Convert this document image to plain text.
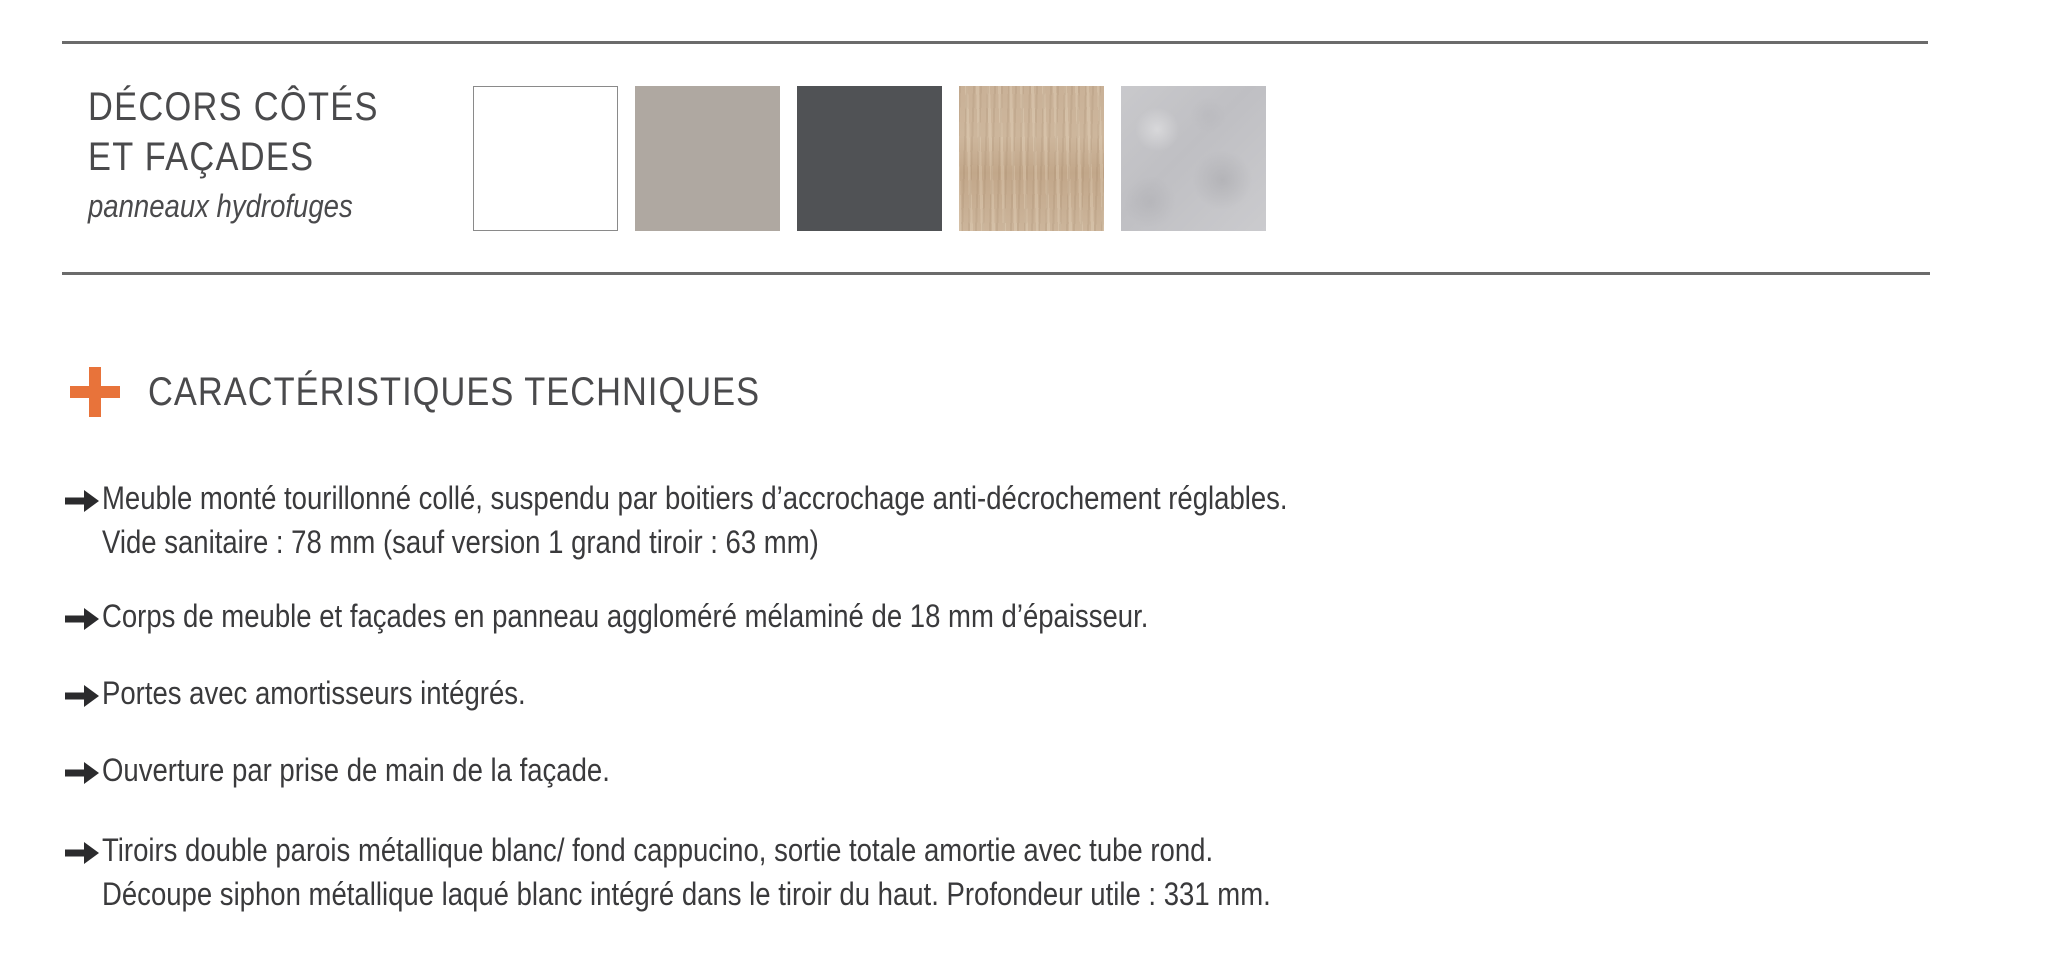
DÉCORS CÔTÉS
ET FAÇADES
panneaux hydrofuges
CARACTÉRISTIQUES TECHNIQUES
Meuble monté tourillonné collé, suspendu par boitiers d’accrochage anti-décrochement réglables.
Vide sanitaire : 78 mm (sauf version 1 grand tiroir : 63 mm)
Corps de meuble et façades en panneau aggloméré mélaminé de 18 mm d’épaisseur.
Portes avec amortisseurs intégrés.
Ouverture par prise de main de la façade.
Tiroirs double parois métallique blanc/ fond cappucino, sortie totale amortie avec tube rond.
Découpe siphon métallique laqué blanc intégré dans le tiroir du haut. Profondeur utile : 331 mm.
